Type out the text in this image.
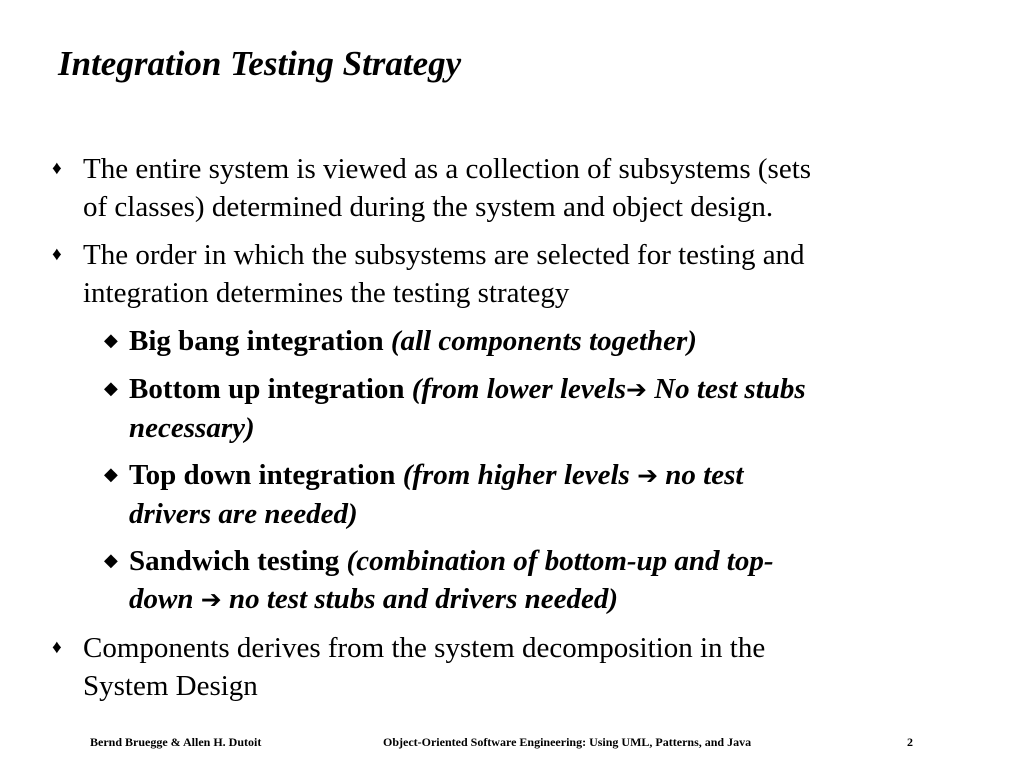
Integration Testing Strategy
♦ The entire system is viewed as a collection of subsystems (sets
of classes) determined during the system and object design.
♦ The order in which the subsystems are selected for testing and
integration determines the testing strategy
◆ Big bang integration (all components together)
◆ Bottom up integration (from lower levels➔ No test stubs
necessary)
◆ Top down integration (from higher levels ➔ no test
drivers are needed)
◆ Sandwich testing (combination of bottom-up and top-
down ➔ no test stubs and drivers needed)
♦ Components derives from the system decomposition in the
System Design
Bernd Bruegge & Allen H. Dutoit	Object-Oriented Software Engineering: Using UML, Patterns, and Java	2
